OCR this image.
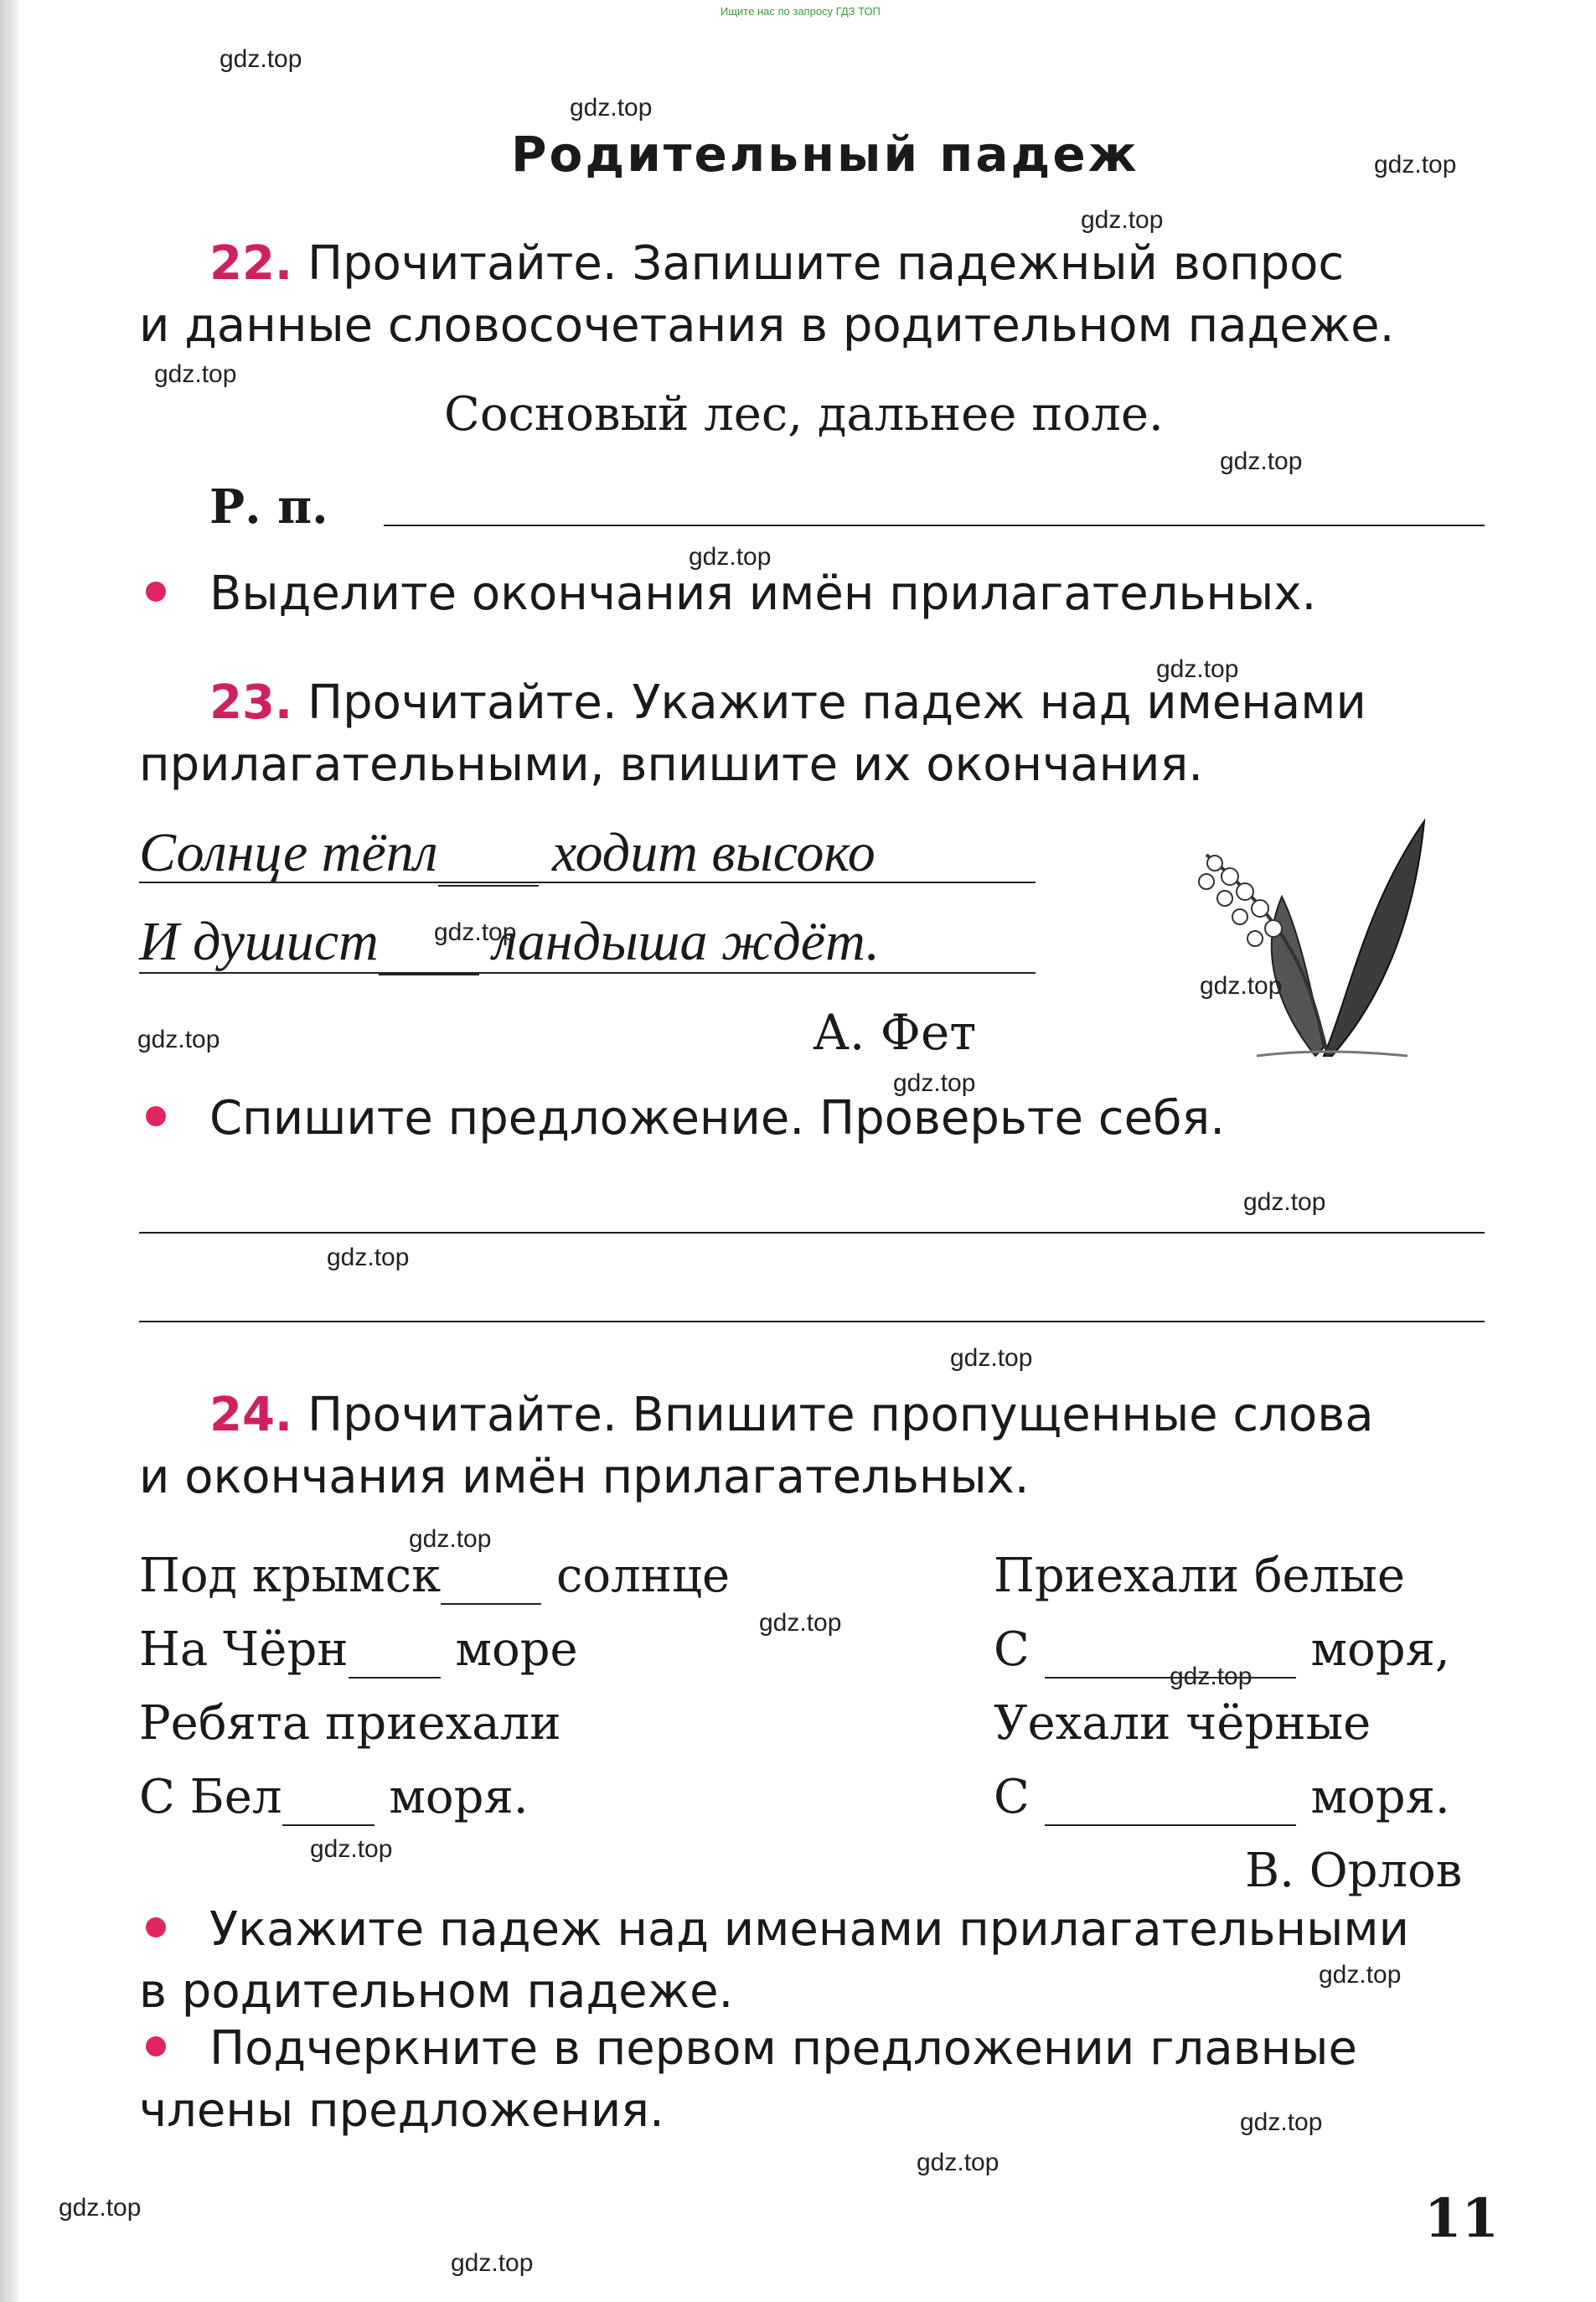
Ищите нас по запросу ГДЗ ТОП
Родительный падеж
22. Прочитайте. Запишите падежный вопрос
и данные словосочетания в родительном падеже.
Сосновый лес, дальнее поле.
Р. п.
Выделите окончания имён прилагательных.
23. Прочитайте. Укажите падеж над именами
прилагательными, впишите их окончания.
Солнце тёпл ходит высоко
И душист ландыша ждёт.
А. Фет
Спишите предложение. Проверьте себя.
24. Прочитайте. Впишите пропущенные слова
и окончания имён прилагательных.
Под крымск солнце
На Чёрн море
Ребята приехали
С Бел моря.
Приехали белые
С	моря,
Уехали чёрные
С	моря.
В. Орлов
Укажите падеж над именами прилагательными
в родительном падеже.
Подчеркните в первом предложении главные
члены предложения.
11
gdz.top
gdz.top
gdz.top
gdz.top
gdz.top
gdz.top
gdz.top
gdz.top
gdz.top
gdz.top
gdz.top
gdz.top
gdz.top
gdz.top
gdz.top
gdz.top
gdz.top
gdz.top
gdz.top
gdz.top
gdz.top
gdz.top
gdz.top
gdz.top
